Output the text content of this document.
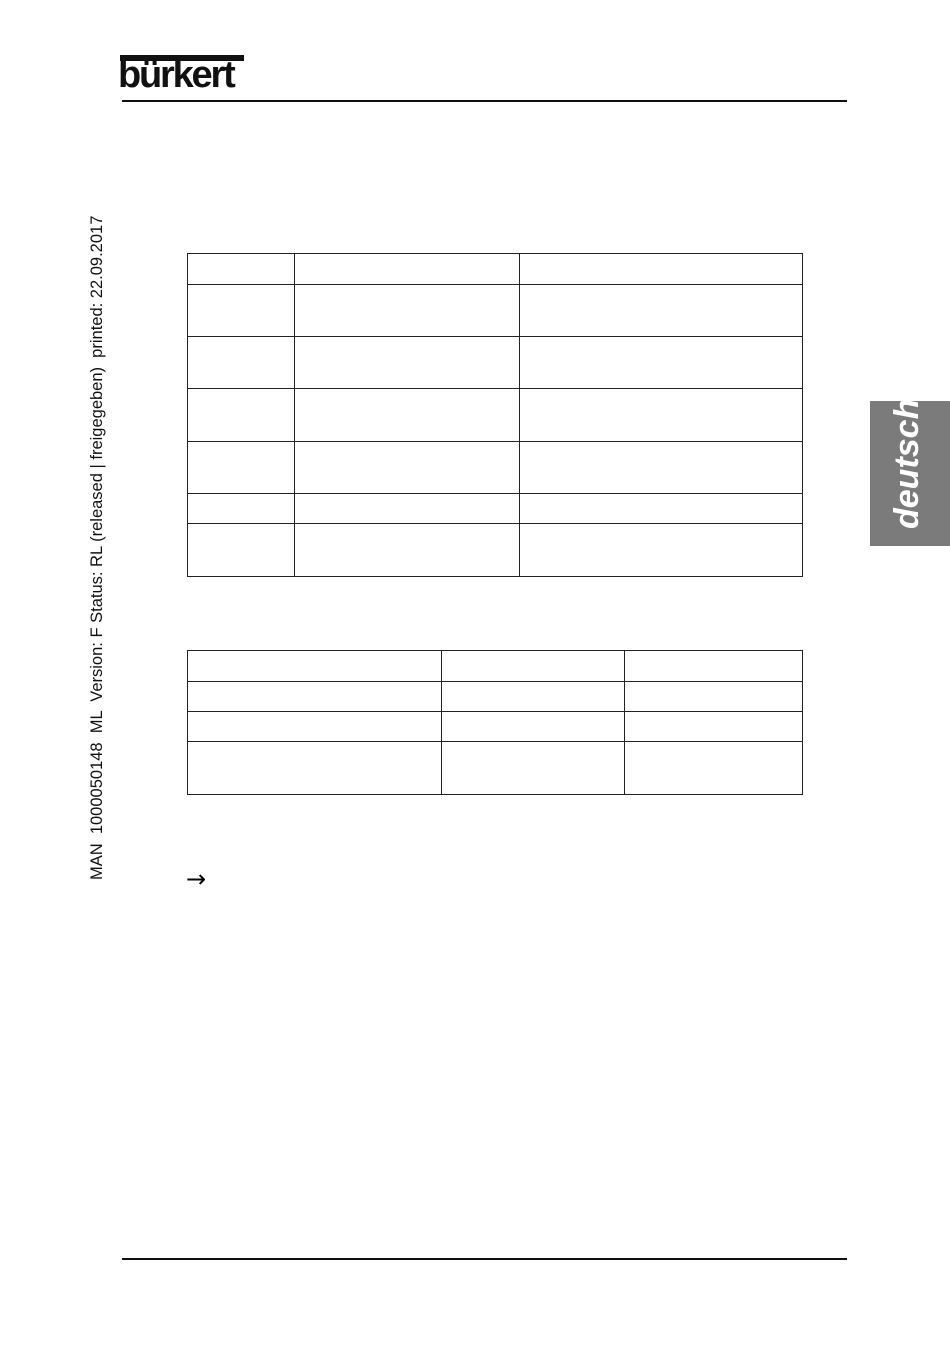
bürkert
MAN  1000050148  ML  Version: F Status: RL (released | freigegeben)  printed: 22.09.2017	deutsch

→
